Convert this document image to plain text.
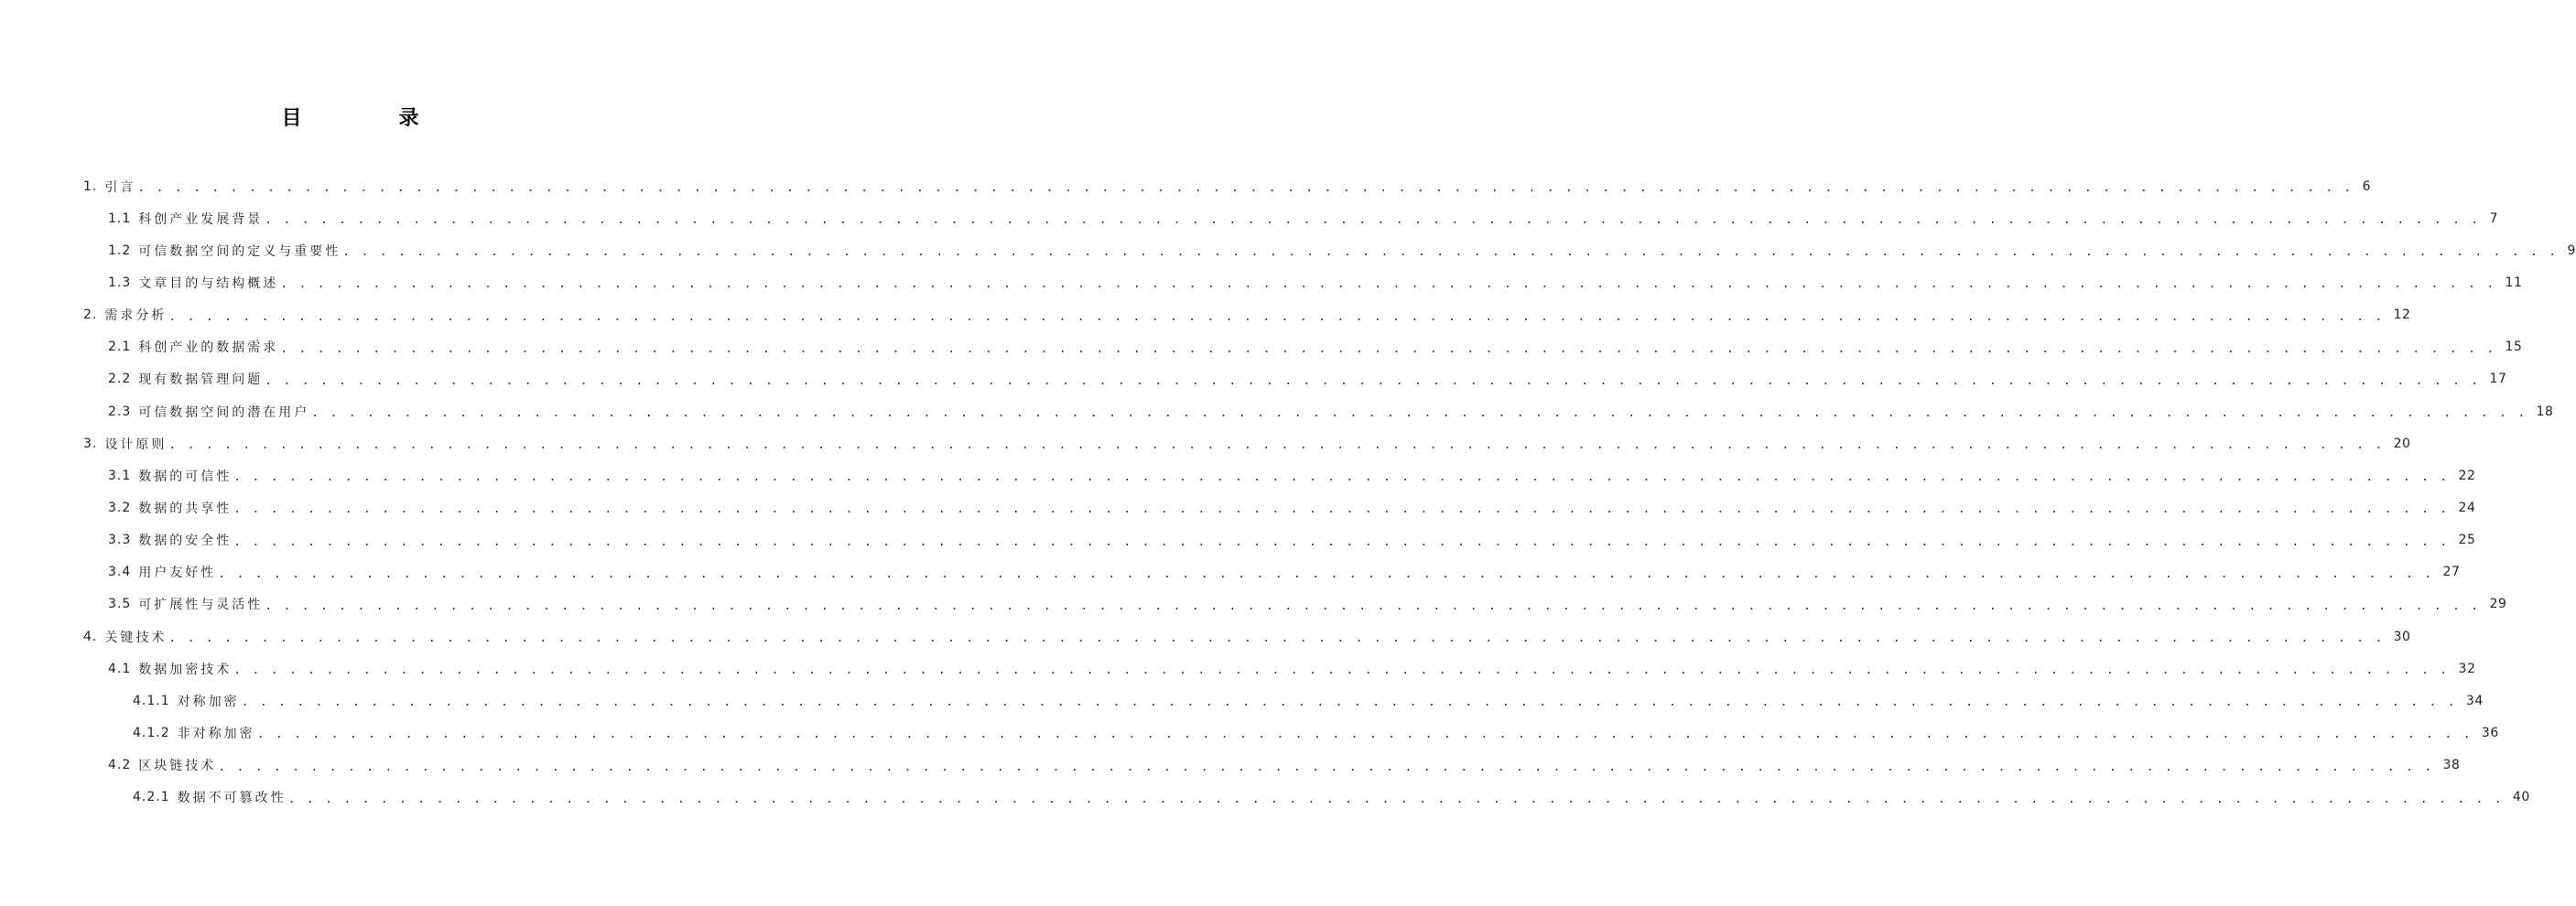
目　录
1. 引言 . . . . . . . . . . . . . . . . . . . . . . . . . . . . . . . . . . . . . . . . . . . . . . . . . . . . . . . . . . . . . . . . . . . . . . . . . . . . . . . . . . . . . . . . . . . . . . . . . . . . . . . . . . . . . . . . . . . . . . . . 6
1.1 科创产业发展背景 . . . . . . . . . . . . . . . . . . . . . . . . . . . . . . . . . . . . . . . . . . . . . . . . . . . . . . . . . . . . . . . . . . . . . . . . . . . . . . . . . . . . . . . . . . . . . . . . . . . . . . . . . . . . . . . . . . . . . . . . 7
1.2 可信数据空间的定义与重要性 . . . . . . . . . . . . . . . . . . . . . . . . . . . . . . . . . . . . . . . . . . . . . . . . . . . . . . . . . . . . . . . . . . . . . . . . . . . . . . . . . . . . . . . . . . . . . . . . . . . . . . . . . . . . . . . . . . . . . . . . 9
1.3 文章目的与结构概述 . . . . . . . . . . . . . . . . . . . . . . . . . . . . . . . . . . . . . . . . . . . . . . . . . . . . . . . . . . . . . . . . . . . . . . . . . . . . . . . . . . . . . . . . . . . . . . . . . . . . . . . . . . . . . . . . . . . . . . . . 11
2. 需求分析 . . . . . . . . . . . . . . . . . . . . . . . . . . . . . . . . . . . . . . . . . . . . . . . . . . . . . . . . . . . . . . . . . . . . . . . . . . . . . . . . . . . . . . . . . . . . . . . . . . . . . . . . . . . . . . . . . . . . . . . . 12
2.1 科创产业的数据需求 . . . . . . . . . . . . . . . . . . . . . . . . . . . . . . . . . . . . . . . . . . . . . . . . . . . . . . . . . . . . . . . . . . . . . . . . . . . . . . . . . . . . . . . . . . . . . . . . . . . . . . . . . . . . . . . . . . . . . . . . 15
2.2 现有数据管理问题 . . . . . . . . . . . . . . . . . . . . . . . . . . . . . . . . . . . . . . . . . . . . . . . . . . . . . . . . . . . . . . . . . . . . . . . . . . . . . . . . . . . . . . . . . . . . . . . . . . . . . . . . . . . . . . . . . . . . . . . . 17
2.3 可信数据空间的潜在用户 . . . . . . . . . . . . . . . . . . . . . . . . . . . . . . . . . . . . . . . . . . . . . . . . . . . . . . . . . . . . . . . . . . . . . . . . . . . . . . . . . . . . . . . . . . . . . . . . . . . . . . . . . . . . . . . . . . . . . . . . 18
3. 设计原则 . . . . . . . . . . . . . . . . . . . . . . . . . . . . . . . . . . . . . . . . . . . . . . . . . . . . . . . . . . . . . . . . . . . . . . . . . . . . . . . . . . . . . . . . . . . . . . . . . . . . . . . . . . . . . . . . . . . . . . . . 20
3.1 数据的可信性 . . . . . . . . . . . . . . . . . . . . . . . . . . . . . . . . . . . . . . . . . . . . . . . . . . . . . . . . . . . . . . . . . . . . . . . . . . . . . . . . . . . . . . . . . . . . . . . . . . . . . . . . . . . . . . . . . . . . . . . . 22
3.2 数据的共享性 . . . . . . . . . . . . . . . . . . . . . . . . . . . . . . . . . . . . . . . . . . . . . . . . . . . . . . . . . . . . . . . . . . . . . . . . . . . . . . . . . . . . . . . . . . . . . . . . . . . . . . . . . . . . . . . . . . . . . . . . 24
3.3 数据的安全性 . . . . . . . . . . . . . . . . . . . . . . . . . . . . . . . . . . . . . . . . . . . . . . . . . . . . . . . . . . . . . . . . . . . . . . . . . . . . . . . . . . . . . . . . . . . . . . . . . . . . . . . . . . . . . . . . . . . . . . . . 25
3.4 用户友好性 . . . . . . . . . . . . . . . . . . . . . . . . . . . . . . . . . . . . . . . . . . . . . . . . . . . . . . . . . . . . . . . . . . . . . . . . . . . . . . . . . . . . . . . . . . . . . . . . . . . . . . . . . . . . . . . . . . . . . . . . 27
3.5 可扩展性与灵活性 . . . . . . . . . . . . . . . . . . . . . . . . . . . . . . . . . . . . . . . . . . . . . . . . . . . . . . . . . . . . . . . . . . . . . . . . . . . . . . . . . . . . . . . . . . . . . . . . . . . . . . . . . . . . . . . . . . . . . . . . 29
4. 关键技术 . . . . . . . . . . . . . . . . . . . . . . . . . . . . . . . . . . . . . . . . . . . . . . . . . . . . . . . . . . . . . . . . . . . . . . . . . . . . . . . . . . . . . . . . . . . . . . . . . . . . . . . . . . . . . . . . . . . . . . . . 30
4.1 数据加密技术 . . . . . . . . . . . . . . . . . . . . . . . . . . . . . . . . . . . . . . . . . . . . . . . . . . . . . . . . . . . . . . . . . . . . . . . . . . . . . . . . . . . . . . . . . . . . . . . . . . . . . . . . . . . . . . . . . . . . . . . . 32
4.1.1 对称加密 . . . . . . . . . . . . . . . . . . . . . . . . . . . . . . . . . . . . . . . . . . . . . . . . . . . . . . . . . . . . . . . . . . . . . . . . . . . . . . . . . . . . . . . . . . . . . . . . . . . . . . . . . . . . . . . . . . . . . . . . 34
4.1.2 非对称加密 . . . . . . . . . . . . . . . . . . . . . . . . . . . . . . . . . . . . . . . . . . . . . . . . . . . . . . . . . . . . . . . . . . . . . . . . . . . . . . . . . . . . . . . . . . . . . . . . . . . . . . . . . . . . . . . . . . . . . . . . 36
4.2 区块链技术 . . . . . . . . . . . . . . . . . . . . . . . . . . . . . . . . . . . . . . . . . . . . . . . . . . . . . . . . . . . . . . . . . . . . . . . . . . . . . . . . . . . . . . . . . . . . . . . . . . . . . . . . . . . . . . . . . . . . . . . . 38
4.2.1 数据不可篡改性 . . . . . . . . . . . . . . . . . . . . . . . . . . . . . . . . . . . . . . . . . . . . . . . . . . . . . . . . . . . . . . . . . . . . . . . . . . . . . . . . . . . . . . . . . . . . . . . . . . . . . . . . . . . . . . . . . . . . . . . . 40
